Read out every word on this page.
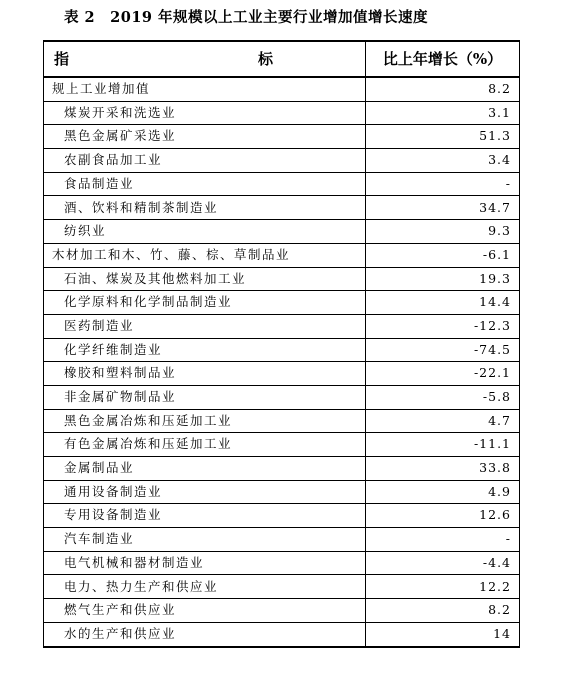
表 2　2019 年规模以上工业主要行业增加值增长速度
指　　　标	比上年增长（%）
规上工业增加值	8.2
煤炭开采和洗选业	3.1
黑色金属矿采选业	51.3
农副食品加工业	3.4
食品制造业	-
酒、饮料和精制茶制造业	34.7
纺织业	9.3
木材加工和木、竹、藤、棕、草制品业	-6.1
石油、煤炭及其他燃料加工业	19.3
化学原料和化学制品制造业	14.4
医药制造业	-12.3
化学纤维制造业	-74.5
橡胶和塑料制品业	-22.1
非金属矿物制品业	-5.8
黑色金属冶炼和压延加工业	4.7
有色金属冶炼和压延加工业	-11.1
金属制品业	33.8
通用设备制造业	4.9
专用设备制造业	12.6
汽车制造业	-
电气机械和器材制造业	-4.4
电力、热力生产和供应业	12.2
燃气生产和供应业	8.2
水的生产和供应业	14
